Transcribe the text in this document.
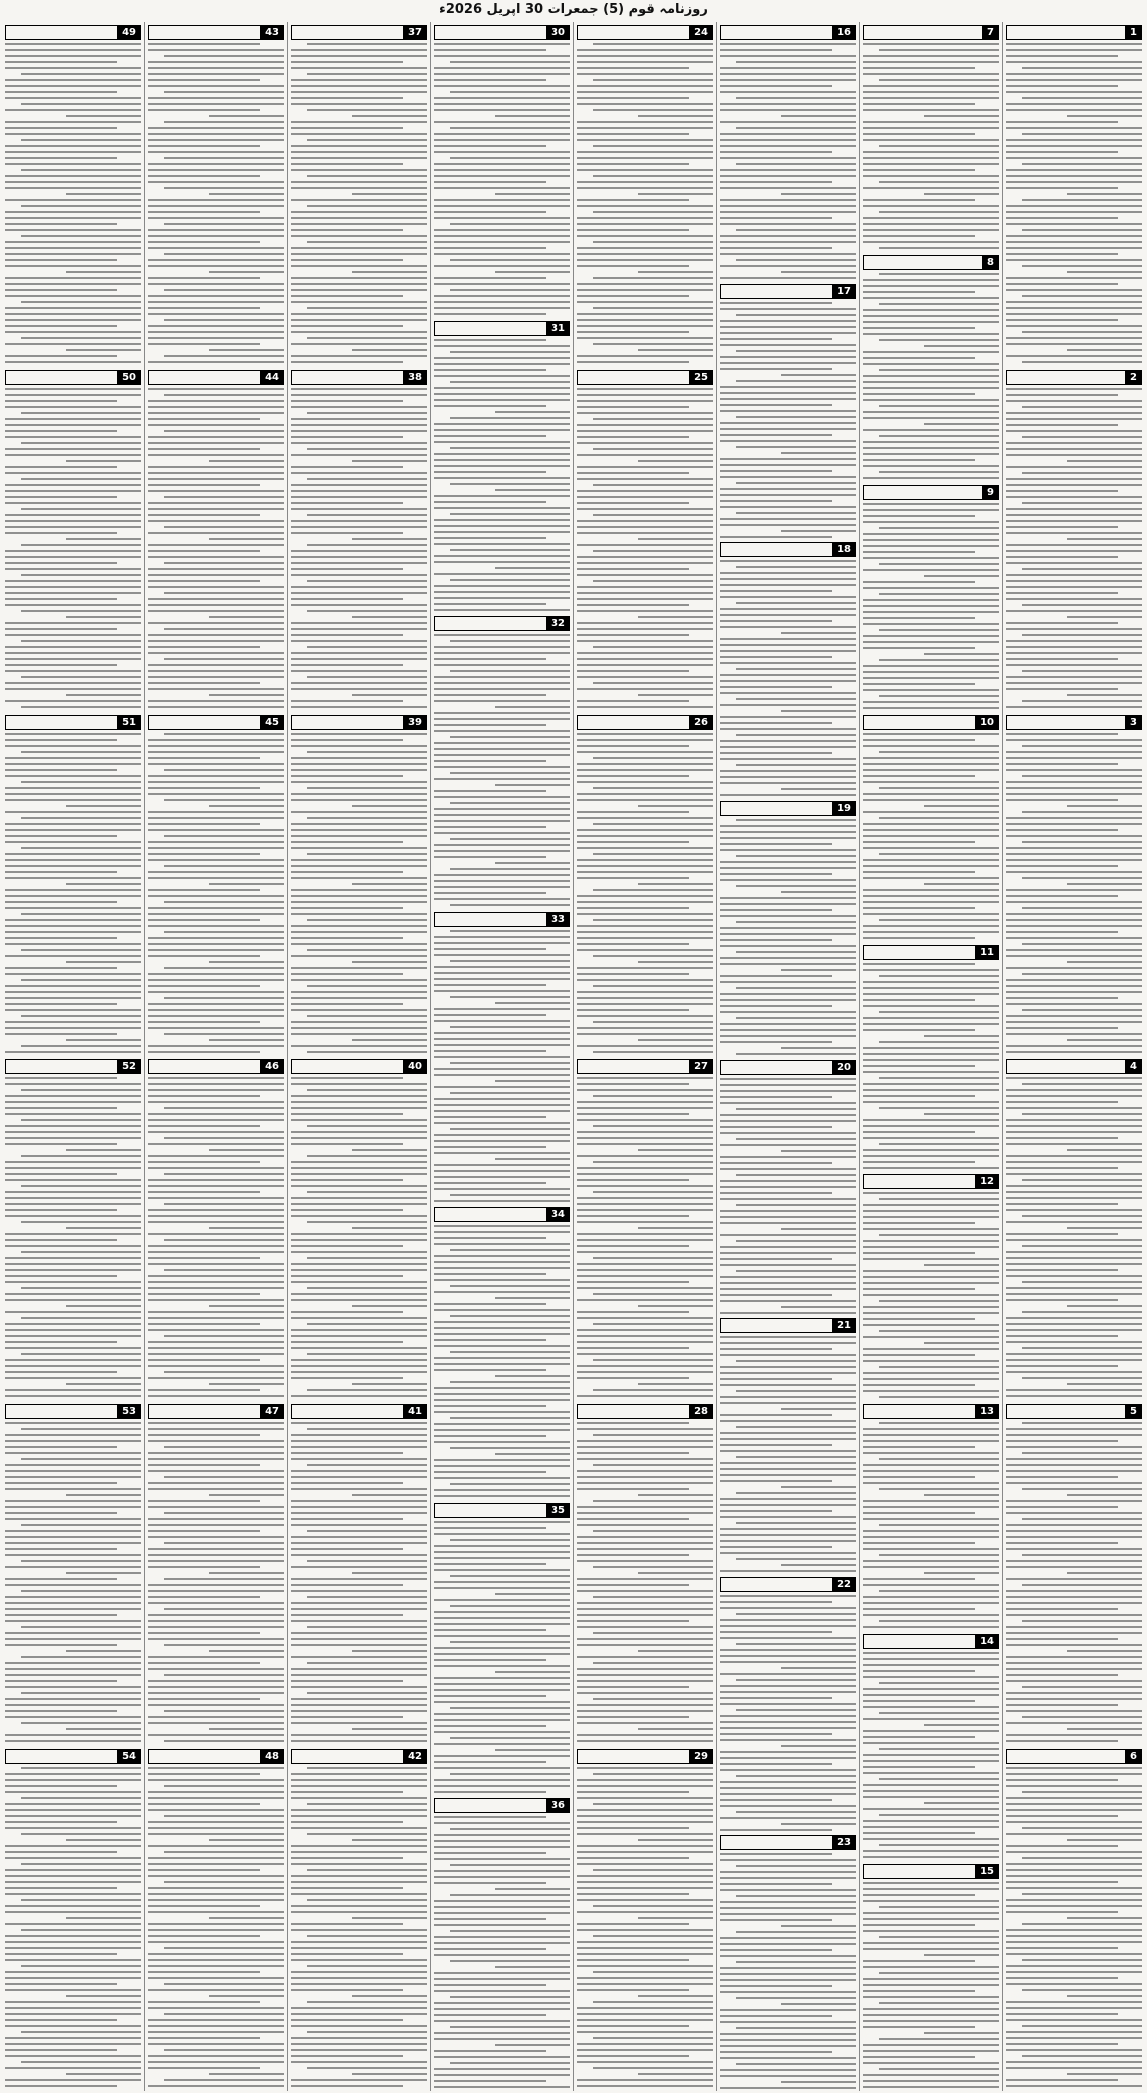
روزنامہ قوم (5) جمعرات 30 اپریل 2026ء
1
2
3
4
5
6
7
8
9
10
11
12
13
14
15
16
17
18
19
20
21
22
23
24
25
26
27
28
29
30
31
32
33
34
35
36
37
38
39
40
41
42
43
44
45
46
47
48
49
50
51
52
53
54
